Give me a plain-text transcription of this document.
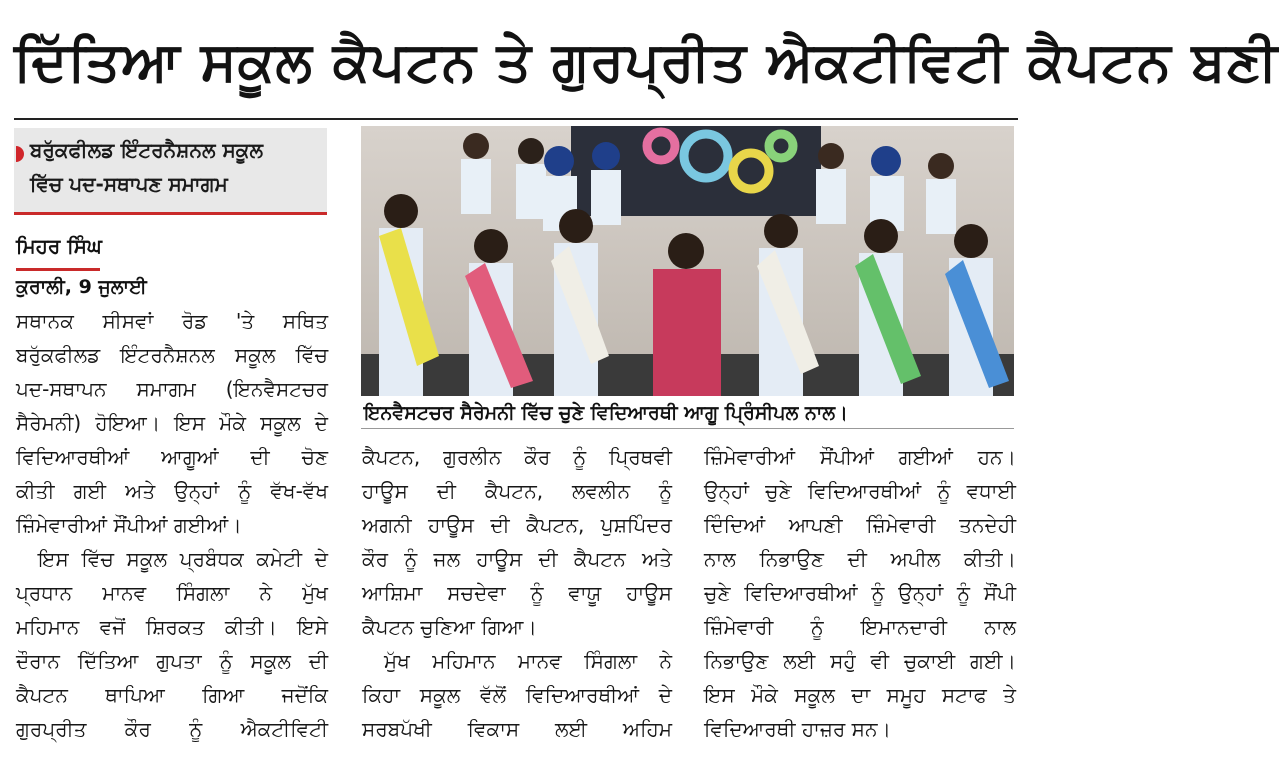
ਦਿੱਤਿਆ ਸਕੂਲ ਕੈਪਟਨ ਤੇ ਗੁਰਪ੍ਰੀਤ ਐਕਟੀਵਿਟੀ ਕੈਪਟਨ ਬਣੀ
ਬਰੁੱਕਫੀਲਡ ਇੰਟਰਨੈਸ਼ਨਲ ਸਕੂਲ
ਵਿੱਚ ਪਦ-ਸਥਾਪਣ ਸਮਾਗਮ
ਮਿਹਰ ਸਿੰਘ
ਕੁਰਾਲੀ, 9 ਜੁਲਾਈ
ਸਥਾਨਕ ਸੀਸਵਾਂ ਰੋਡ 'ਤੇ ਸਥਿਤ
ਬਰੁੱਕਫੀਲਡ ਇੰਟਰਨੈਸ਼ਨਲ ਸਕੂਲ ਵਿੱਚ
ਪਦ-ਸਥਾਪਨ ਸਮਾਗਮ (ਇਨਵੈਸਟਚਰ
ਸੈਰੇਮਨੀ) ਹੋਇਆ। ਇਸ ਮੌਕੇ ਸਕੂਲ ਦੇ
ਵਿਦਿਆਰਥੀਆਂ ਆਗੂਆਂ ਦੀ ਚੋਣ
ਕੀਤੀ ਗਈ ਅਤੇ ਉਨ੍ਹਾਂ ਨੂੰ ਵੱਖ-ਵੱਖ
ਜ਼ਿੰਮੇਵਾਰੀਆਂ ਸੌਂਪੀਆਂ ਗਈਆਂ।
ਇਸ ਵਿੱਚ ਸਕੂਲ ਪ੍ਰਬੰਧਕ ਕਮੇਟੀ ਦੇ
ਪ੍ਰਧਾਨ ਮਾਨਵ ਸਿੰਗਲਾ ਨੇ ਮੁੱਖ
ਮਹਿਮਾਨ ਵਜੋਂ ਸ਼ਿਰਕਤ ਕੀਤੀ। ਇਸੇ
ਦੌਰਾਨ ਦਿੱਤਿਆ ਗੁਪਤਾ ਨੂੰ ਸਕੂਲ ਦੀ
ਕੈਪਟਨ ਥਾਪਿਆ ਗਿਆ ਜਦੋਂਕਿ
ਗੁਰਪ੍ਰੀਤ ਕੌਰ ਨੂੰ ਐਕਟੀਵਿਟੀ
ਇਨਵੈਸਟਚਰ ਸੈਰੇਮਨੀ ਵਿੱਚ ਚੁਣੇ ਵਿਦਿਆਰਥੀ ਆਗੂ ਪ੍ਰਿੰਸੀਪਲ ਨਾਲ।
ਕੈਪਟਨ, ਗੁਰਲੀਨ ਕੌਰ ਨੂੰ ਪ੍ਰਿਥਵੀ
ਹਾਊਸ ਦੀ ਕੈਪਟਨ, ਲਵਲੀਨ ਨੂੰ
ਅਗਨੀ ਹਾਊਸ ਦੀ ਕੈਪਟਨ, ਪੁਸ਼ਪਿੰਦਰ
ਕੌਰ ਨੂੰ ਜਲ ਹਾਊਸ ਦੀ ਕੈਪਟਨ ਅਤੇ
ਆਸ਼ਿਮਾ ਸਚਦੇਵਾ ਨੂੰ ਵਾਯੂ ਹਾਊਸ
ਕੈਪਟਨ ਚੁਣਿਆ ਗਿਆ।
ਮੁੱਖ ਮਹਿਮਾਨ ਮਾਨਵ ਸਿੰਗਲਾ ਨੇ
ਕਿਹਾ ਸਕੂਲ ਵੱਲੋਂ ਵਿਦਿਆਰਥੀਆਂ ਦੇ
ਸਰਬਪੱਖੀ ਵਿਕਾਸ ਲਈ ਅਹਿਮ
ਜ਼ਿੰਮੇਵਾਰੀਆਂ ਸੌਂਪੀਆਂ ਗਈਆਂ ਹਨ।
ਉਨ੍ਹਾਂ ਚੁਣੇ ਵਿਦਿਆਰਥੀਆਂ ਨੂੰ ਵਧਾਈ
ਦਿੰਦਿਆਂ ਆਪਣੀ ਜ਼ਿੰਮੇਵਾਰੀ ਤਨਦੇਹੀ
ਨਾਲ ਨਿਭਾਉਣ ਦੀ ਅਪੀਲ ਕੀਤੀ।
ਚੁਣੇ ਵਿਦਿਆਰਥੀਆਂ ਨੂੰ ਉਨ੍ਹਾਂ ਨੂੰ ਸੌਂਪੀ
ਜ਼ਿੰਮੇਵਾਰੀ ਨੂੰ ਇਮਾਨਦਾਰੀ ਨਾਲ
ਨਿਭਾਉਣ ਲਈ ਸਹੁੰ ਵੀ ਚੁਕਾਈ ਗਈ।
ਇਸ ਮੌਕੇ ਸਕੂਲ ਦਾ ਸਮੂਹ ਸਟਾਫ ਤੇ
ਵਿਦਿਆਰਥੀ ਹਾਜ਼ਰ ਸਨ।
